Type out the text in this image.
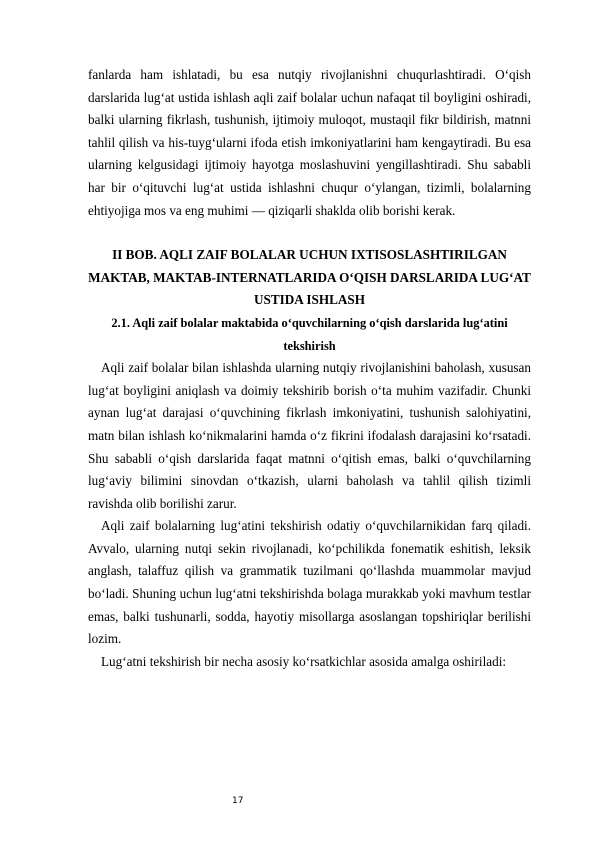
fanlarda ham ishlatadi, bu esa nutqiy rivojlanishni chuqurlashtiradi. O‘qish darslarida lug‘at ustida ishlash aqli zaif bolalar uchun nafaqat til boyligini oshiradi, balki ularning fikrlash, tushunish, ijtimoiy muloqot, mustaqil fikr bildirish, matnni tahlil qilish va his-tuyg‘ularni ifoda etish imkoniyatlarini ham kengaytiradi. Bu esa ularning kelgusidagi ijtimoiy hayotga moslashuvini yengillashtiradi. Shu sababli har bir o‘qituvchi lug‘at ustida ishlashni chuqur o‘ylangan, tizimli, bolalarning ehtiyojiga mos va eng muhimi — qiziqarli shaklda olib borishi kerak.

II BOB. AQLI ZAIF BOLALAR UCHUN IXTISOSLASHTIRILGAN MAKTAB, MAKTAB-INTERNATLARIDA O‘QISH DARSLARIDA LUG‘AT USTIDA ISHLASH

2.1. Aqli zaif bolalar maktabida o‘quvchilarning o‘qish darslarida lug‘atini tekshirish

Aqli zaif bolalar bilan ishlashda ularning nutqiy rivojlanishini baholash, xususan lug‘at boyligini aniqlash va doimiy tekshirib borish o‘ta muhim vazifadir. Chunki aynan lug‘at darajasi o‘quvchining fikrlash imkoniyatini, tushunish salohiyatini, matn bilan ishlash ko‘nikmalarini hamda o‘z fikrini ifodalash darajasini ko‘rsatadi. Shu sababli o‘qish darslarida faqat matnni o‘qitish emas, balki o‘quvchilarning lug‘aviy bilimini sinovdan o‘tkazish, ularni baholash va tahlil qilish tizimli ravishda olib borilishi zarur.

Aqli zaif bolalarning lug‘atini tekshirish odatiy o‘quvchilarnikidan farq qiladi. Avvalo, ularning nutqi sekin rivojlanadi, ko‘pchilikda fonematik eshitish, leksik anglash, talaffuz qilish va grammatik tuzilmani qo‘llashda muammolar mavjud bo‘ladi. Shuning uchun lug‘atni tekshirishda bolaga murakkab yoki mavhum testlar emas, balki tushunarli, sodda, hayotiy misollarga asoslangan topshiriqlar berilishi lozim.

Lug‘atni tekshirish bir necha asosiy ko‘rsatkichlar asosida amalga oshiriladi:

17
